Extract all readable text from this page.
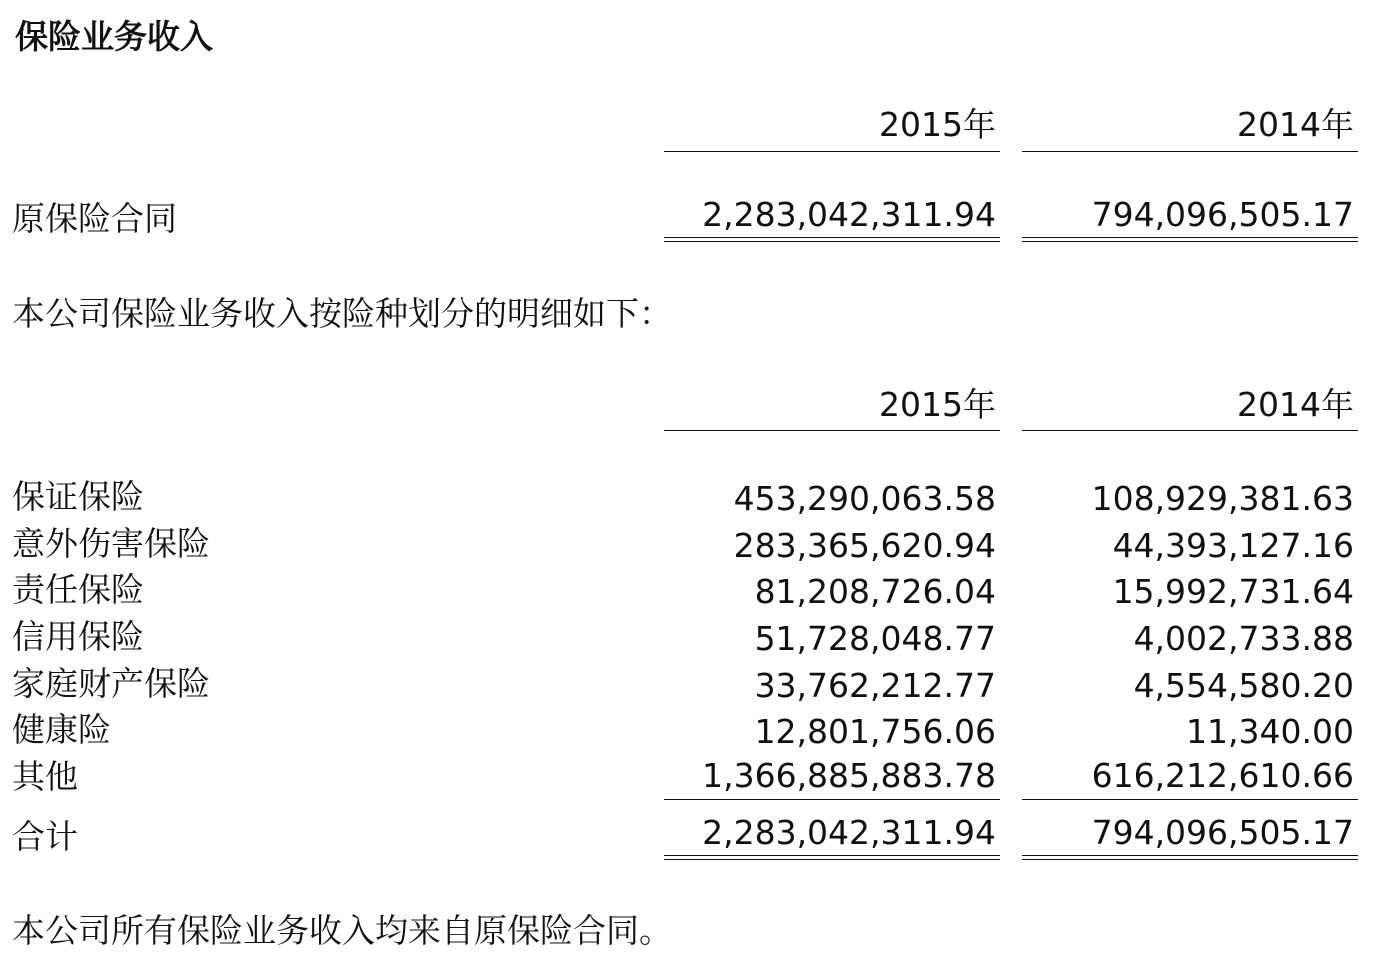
保险业务收入
2015年	2014年
原保险合同	2,283,042,311.94	794,096,505.17
本公司保险业务收入按险种划分的明细如下：
2015年	2014年
保证保险	453,290,063.58	108,929,381.63
意外伤害保险	283,365,620.94	44,393,127.16
责任保险	81,208,726.04	15,992,731.64
信用保险	51,728,048.77	4,002,733.88
家庭财产保险	33,762,212.77	4,554,580.20
健康险	12,801,756.06	11,340.00
其他	1,366,885,883.78	616,212,610.66
合计	2,283,042,311.94	794,096,505.17
本公司所有保险业务收入均来自原保险合同。
